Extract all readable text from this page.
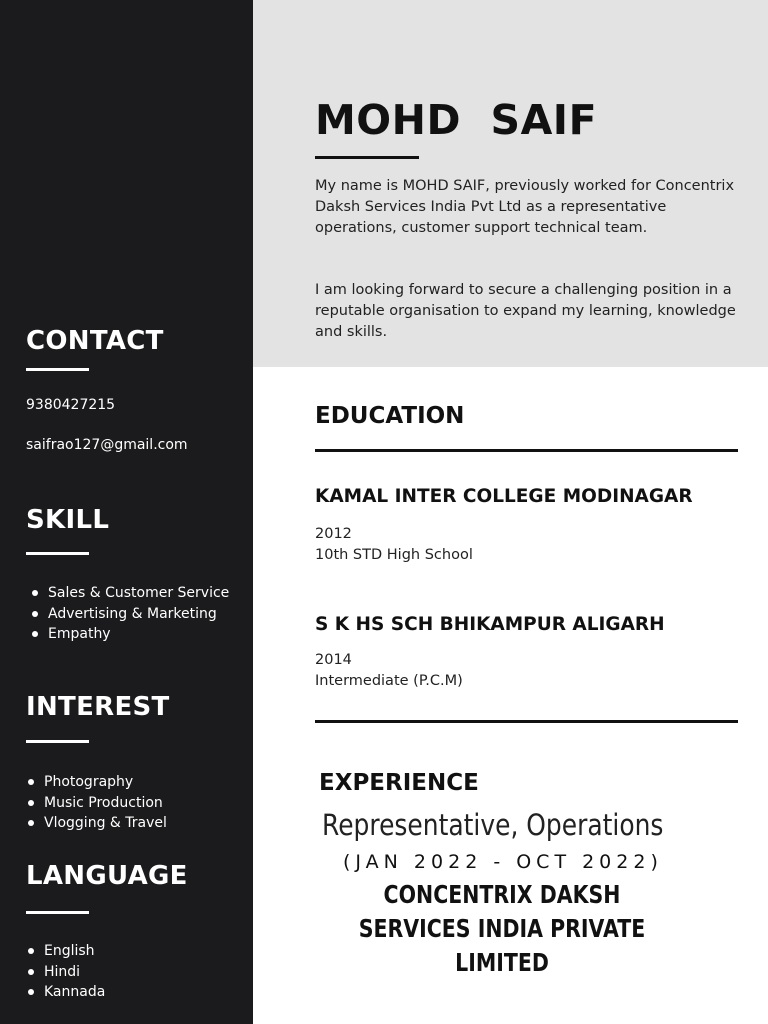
CONTACT

9380427215

saifrao127@gmail.com

SKILL
Sales & Customer Service
Advertising & Marketing
Empathy
INTEREST
Photography
Music Production
Vlogging & Travel
LANGUAGE
English
Hindi
Kannada
MOHD  SAIF

My name is MOHD SAIF, previously worked for Concentrix Daksh Services India Pvt Ltd as a representative operations, customer support technical team.

I am looking forward to secure a challenging position in a reputable organisation to expand my learning, knowledge and skills.

EDUCATION
KAMAL INTER COLLEGE MODINAGAR

2012

10th STD High School

S K HS SCH BHIKAMPUR ALIGARH

2014

Intermediate (P.C.M)

EXPERIENCE

Representative, Operations

(JAN 2022 - OCT 2022)

CONCENTRIX DAKSH SERVICES INDIA PRIVATE LIMITED
